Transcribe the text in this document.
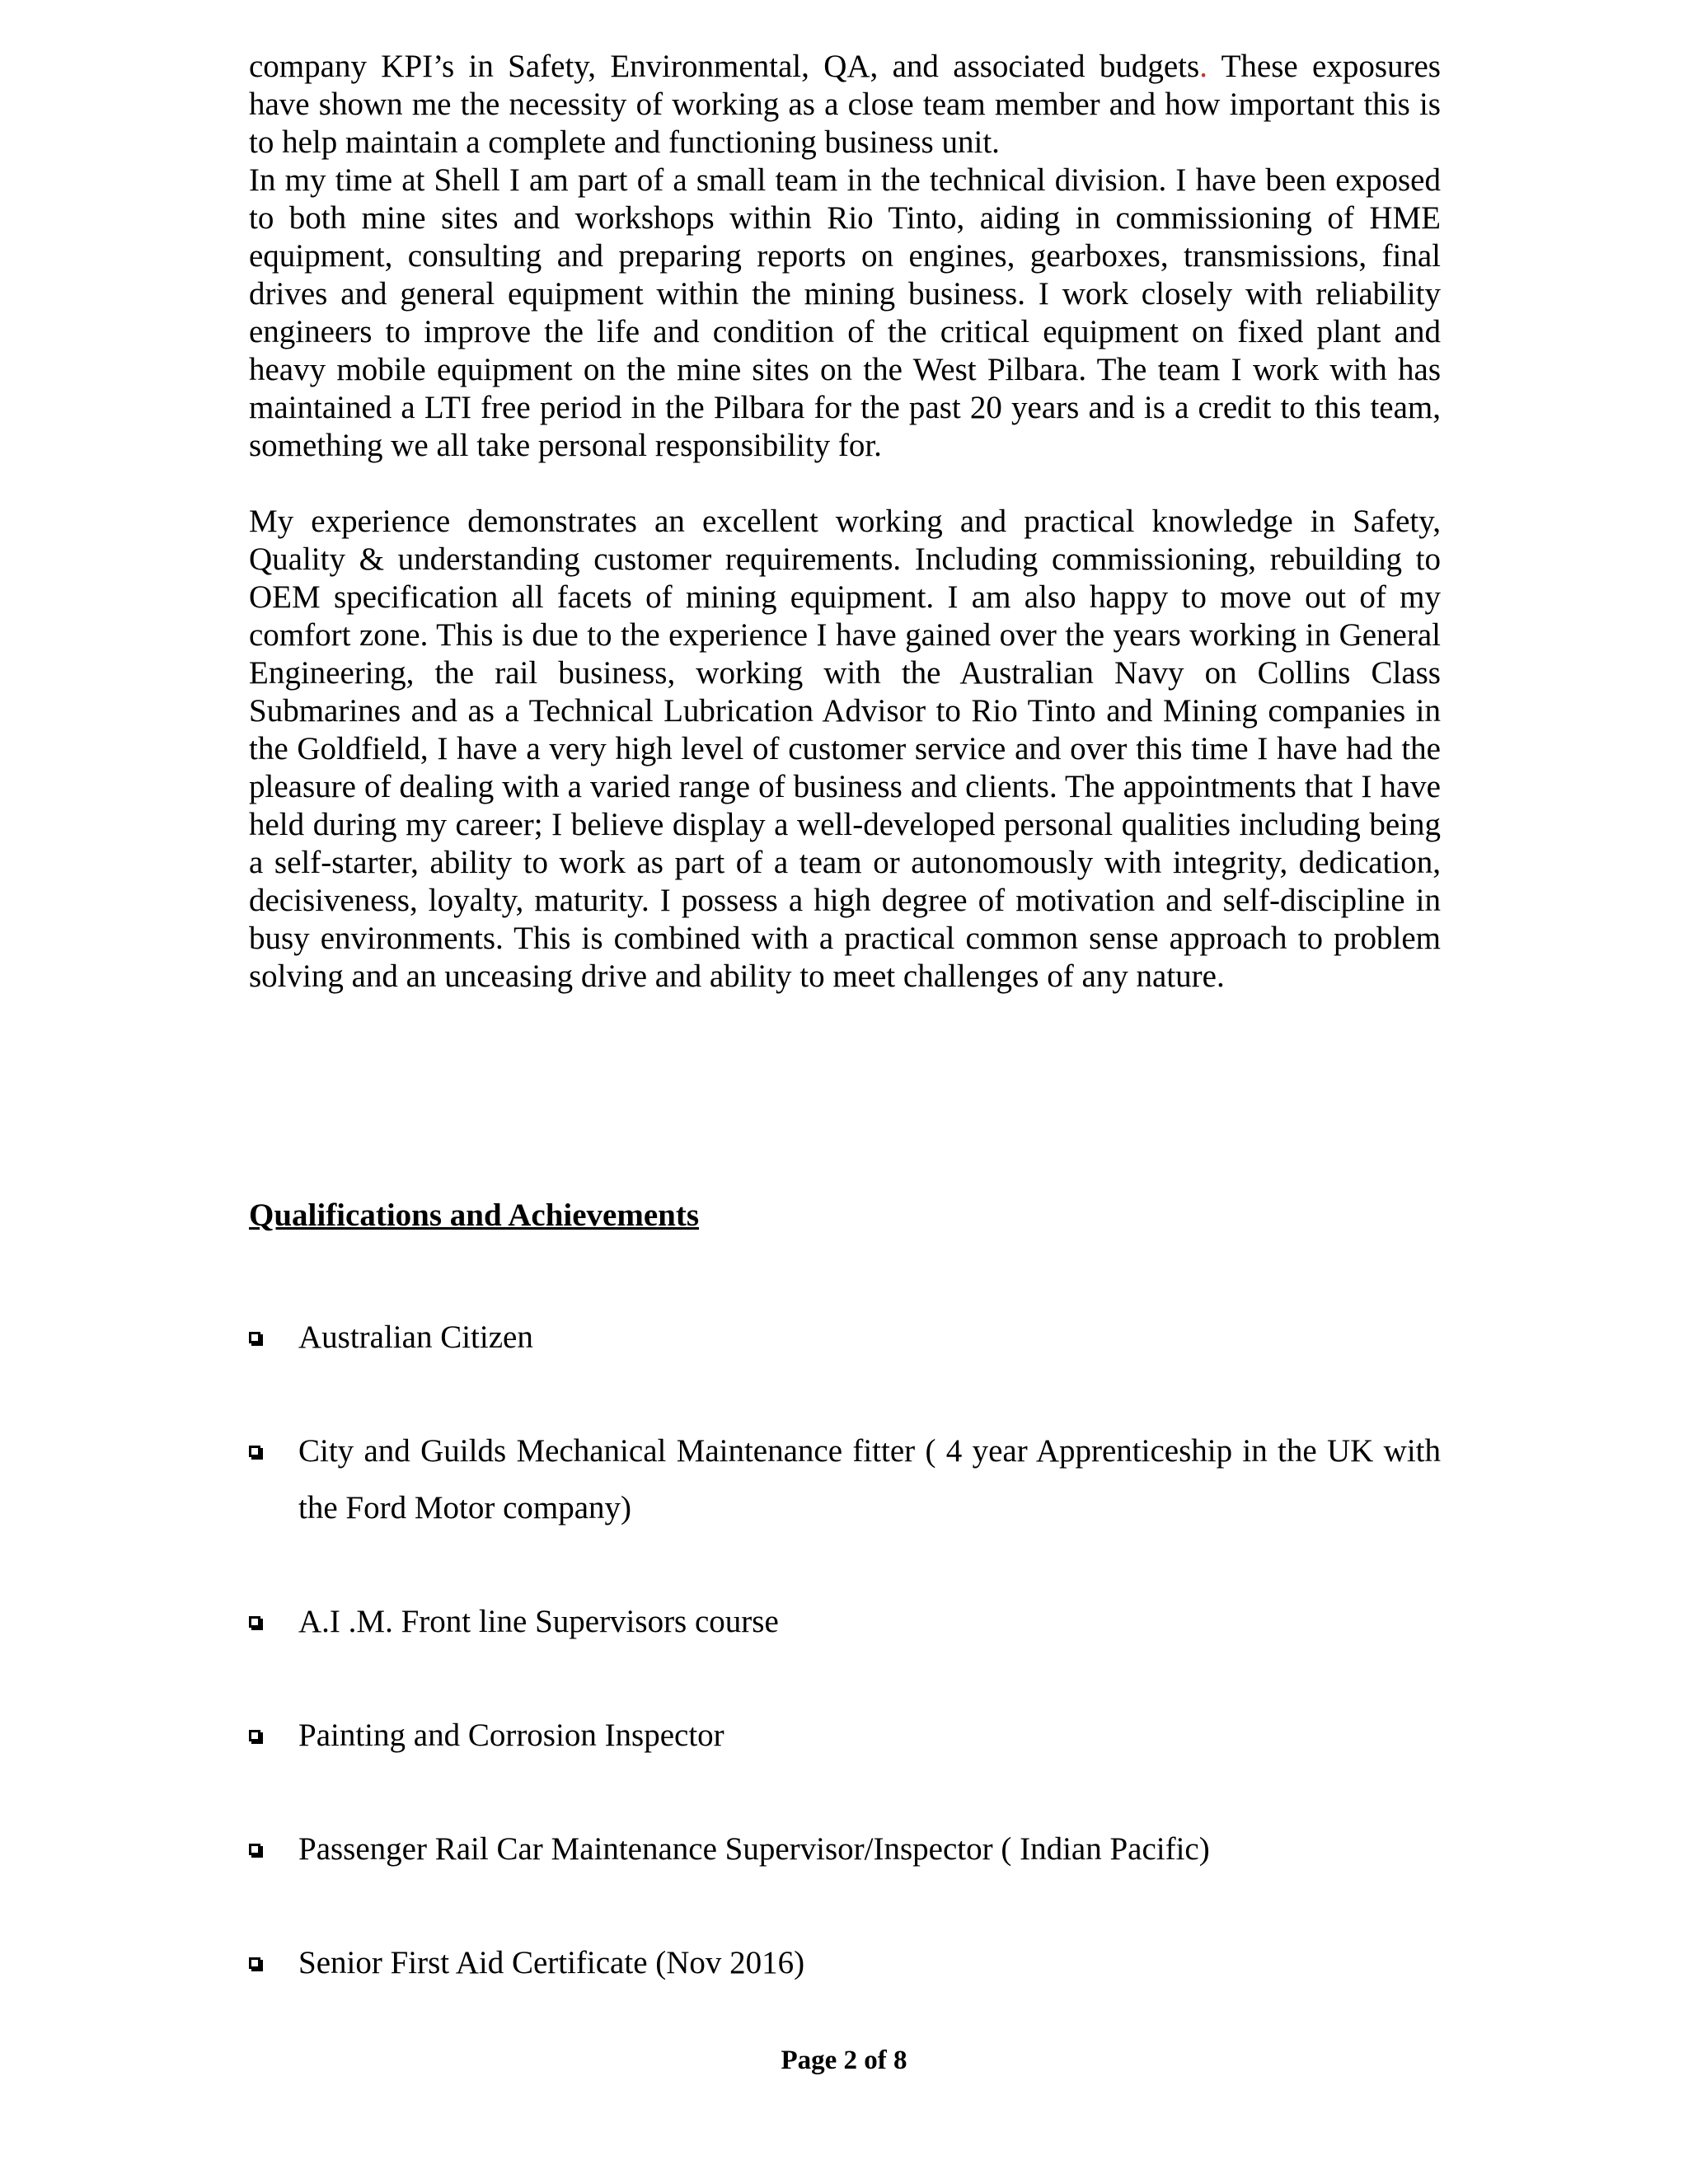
company KPI’s in Safety, Environmental, QA, and associated budgets. These exposures have shown me the necessity of working as a close team member and how important this is to help maintain a complete and functioning business unit.

In my time at Shell I am part of a small team in the technical division. I have been exposed to both mine sites and workshops within Rio Tinto, aiding in commissioning of HME equipment, consulting and preparing reports on engines, gearboxes, transmissions, final drives and general equipment within the mining business. I work closely with reliability engineers to improve the life and condition of the critical equipment on fixed plant and heavy mobile equipment on the mine sites on the West Pilbara. The team I work with has maintained a LTI free period in the Pilbara for the past 20 years and is a credit to this team, something we all take personal responsibility for.

My experience demonstrates an excellent working and practical knowledge in Safety, Quality & understanding customer requirements. Including commissioning, rebuilding to OEM specification all facets of mining equipment. I am also happy to move out of my comfort zone. This is due to the experience I have gained over the years working in General Engineering, the rail business, working with the Australian Navy on Collins Class Submarines and as a Technical Lubrication Advisor to Rio Tinto and Mining companies in the Goldfield, I have a very high level of customer service and over this time I have had the pleasure of dealing with a varied range of business and clients. The appointments that I have held during my career; I believe display a well-developed personal qualities including being a self-starter, ability to work as part of a team or autonomously with integrity, dedication, decisiveness, loyalty, maturity. I possess a high degree of motivation and self-discipline in busy environments. This is combined with a practical common sense approach to problem solving and an unceasing drive and ability to meet challenges of any nature.

Qualifications and Achievements
Australian Citizen
City and Guilds Mechanical Maintenance fitter ( 4 year Apprenticeship in the UK with the Ford Motor company)
A.I .M. Front line Supervisors course
Painting and Corrosion Inspector
Passenger Rail Car Maintenance Supervisor/Inspector ( Indian Pacific)
Senior First Aid Certificate (Nov 2016)
Page 2 of 8
